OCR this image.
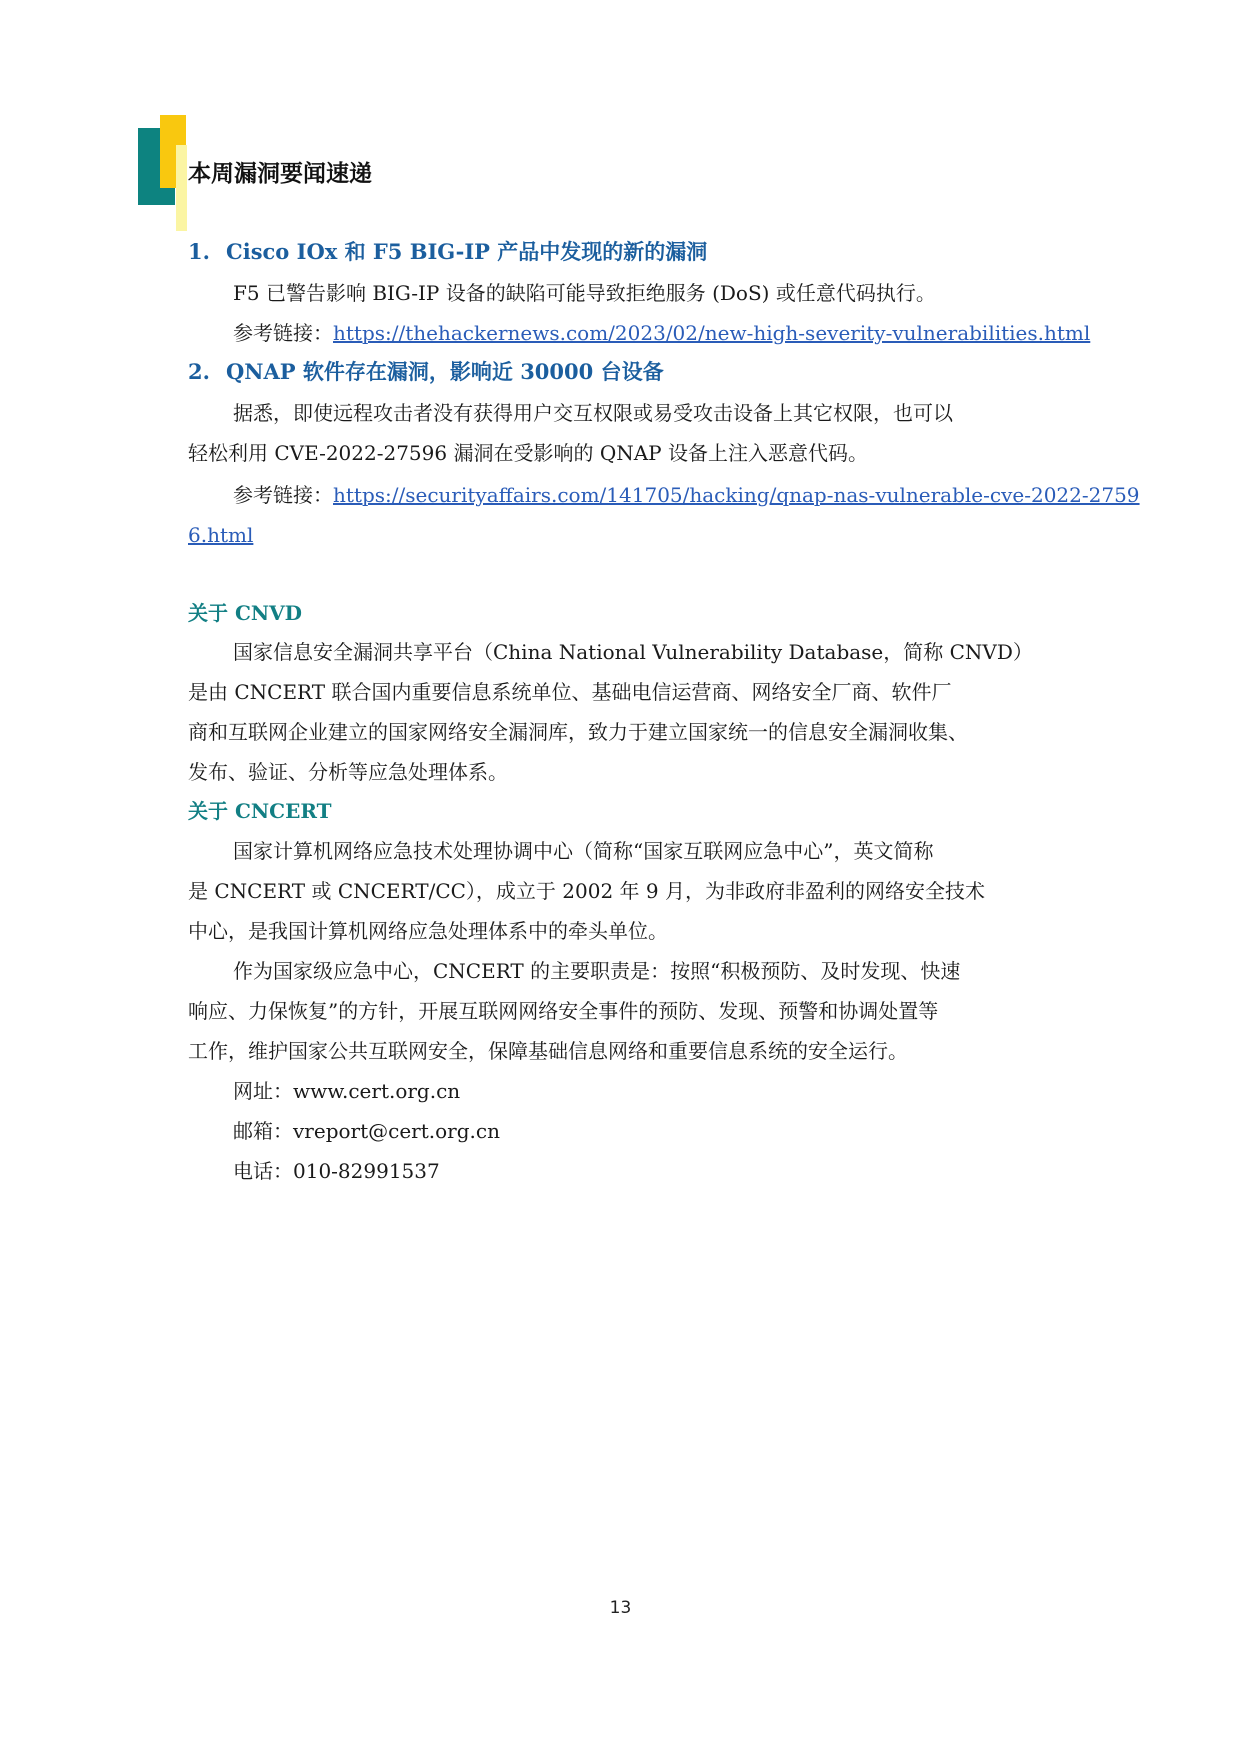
本周漏洞要闻速递
1. Cisco IOx 和 F5 BIG-IP 产品中发现的新的漏洞
F5 已警告影响 BIG-IP 设备的缺陷可能导致拒绝服务 (DoS) 或任意代码执行。
参考链接：https://thehackernews.com/2023/02/new-high-severity-vulnerabilities.html
2. QNAP 软件存在漏洞，影响近 30000 台设备
据悉，即使远程攻击者没有获得用户交互权限或易受攻击设备上其它权限，也可以
轻松利用 CVE-2022-27596 漏洞在受影响的 QNAP 设备上注入恶意代码。
参考链接：https://securityaffairs.com/141705/hacking/qnap-nas-vulnerable-cve-2022-2759
6.html
关于 CNVD
国家信息安全漏洞共享平台（China National Vulnerability Database，简称 CNVD）
是由 CNCERT 联合国内重要信息系统单位、基础电信运营商、网络安全厂商、软件厂
商和互联网企业建立的国家网络安全漏洞库，致力于建立国家统一的信息安全漏洞收集、
发布、验证、分析等应急处理体系。
关于 CNCERT
国家计算机网络应急技术处理协调中心（简称“国家互联网应急中心”，英文简称
是 CNCERT 或 CNCERT/CC），成立于 2002 年 9 月，为非政府非盈利的网络安全技术
中心，是我国计算机网络应急处理体系中的牵头单位。
作为国家级应急中心，CNCERT 的主要职责是：按照“积极预防、及时发现、快速
响应、力保恢复”的方针，开展互联网网络安全事件的预防、发现、预警和协调处置等
工作，维护国家公共互联网安全，保障基础信息网络和重要信息系统的安全运行。
网址：www.cert.org.cn
邮箱：vreport@cert.org.cn
电话：010-82991537
13
